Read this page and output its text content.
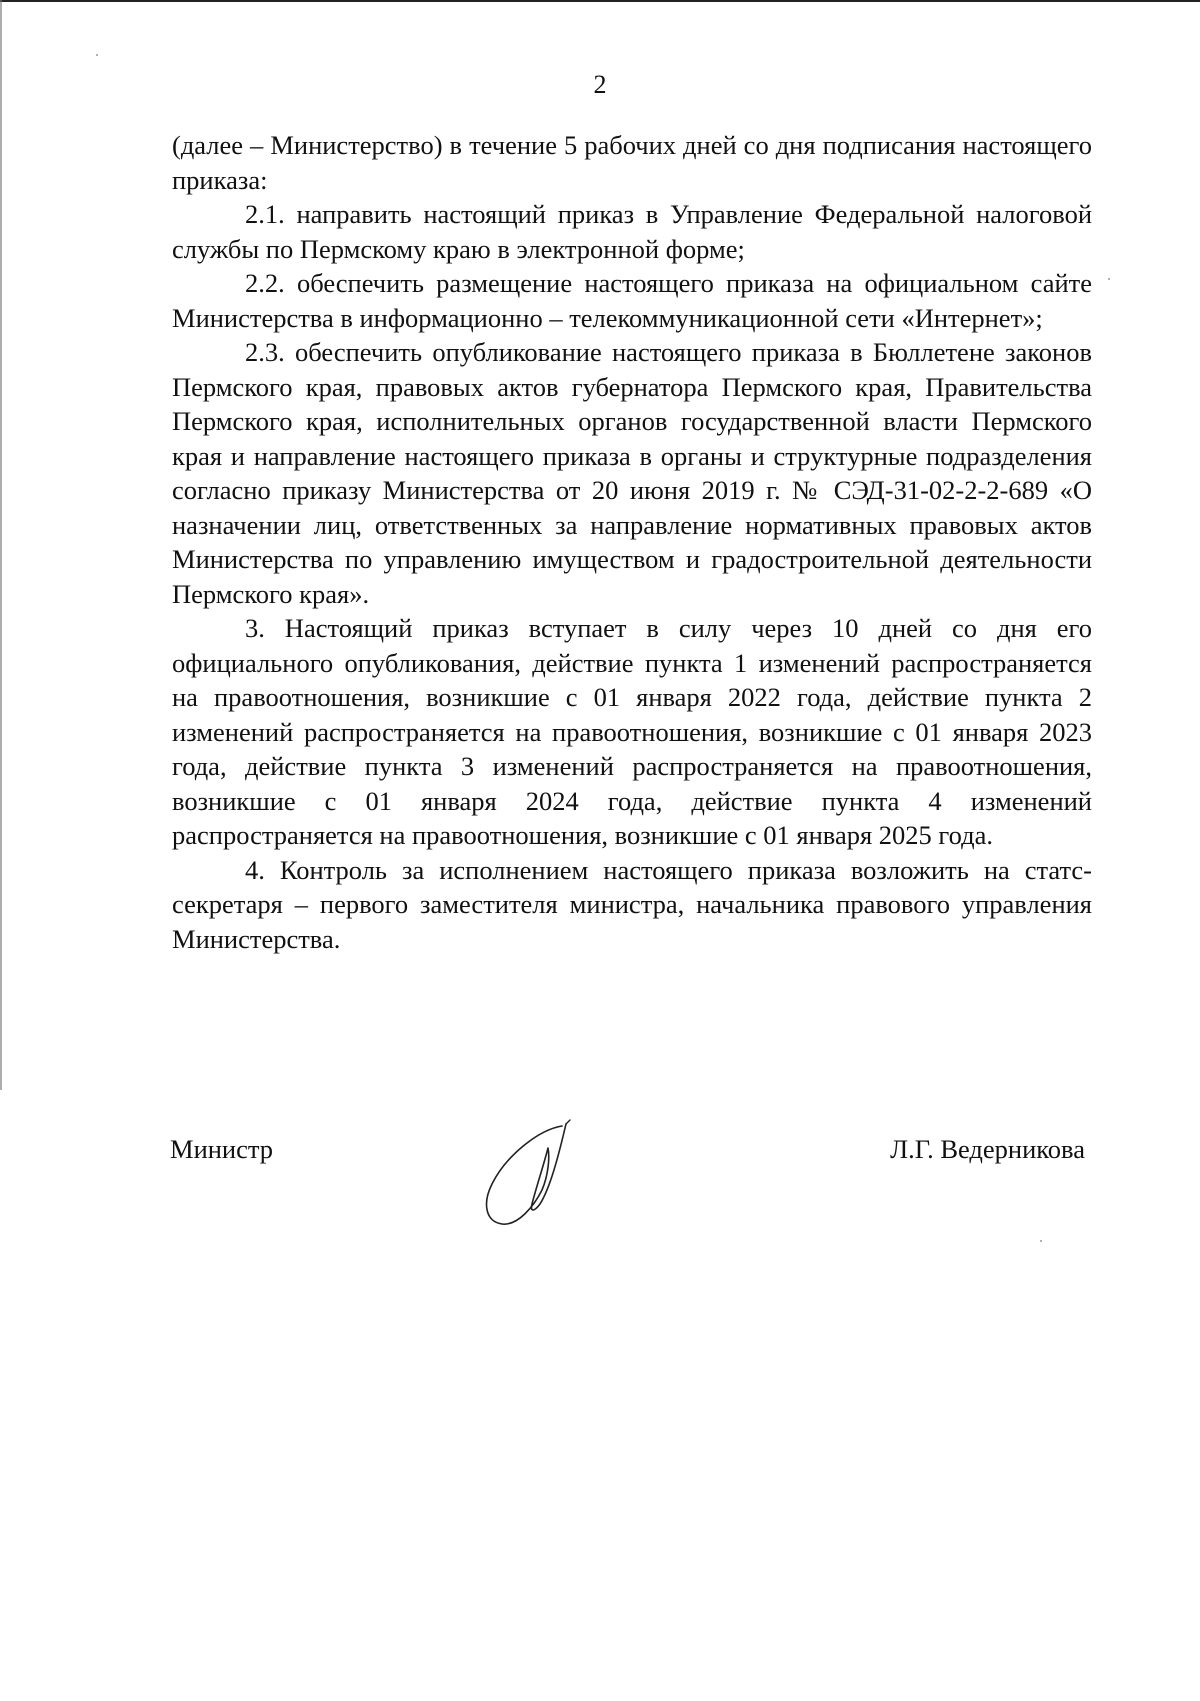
2

(далее – Министерство) в течение 5 рабочих дней со дня подписания настоящего приказа:

2.1. направить настоящий приказ в Управление Федеральной налоговой службы по Пермскому краю в электронной форме;

2.2. обеспечить размещение настоящего приказа на официальном сайте Министерства в информационно – телекоммуникационной сети «Интернет»;

2.3. обеспечить опубликование настоящего приказа в Бюллетене законов Пермского края, правовых актов губернатора Пермского края, Правительства Пермского края, исполнительных органов государственной власти Пермского края и направление настоящего приказа в органы и структурные подразделения согласно приказу Министерства от 20 июня 2019 г. № СЭД-31-02-2-2-689 «О назначении лиц, ответственных за направление нормативных правовых актов Министерства по управлению имуществом и градостроительной деятельности Пермского края».

3. Настоящий приказ вступает в силу через 10 дней со дня его официального опубликования, действие пункта 1 изменений распространяется на правоотношения, возникшие с 01 января 2022 года, действие пункта 2 изменений распространяется на правоотношения, возникшие с 01 января 2023 года, действие пункта 3 изменений распространяется на правоотношения, возникшие с 01 января 2024 года, действие пункта 4 изменений распространяется на правоотношения, возникшие с 01 января 2025 года.

4. Контроль за исполнением настоящего приказа возложить на статс-секретаря – первого заместителя министра, начальника правового управления Министерства.

Министр	Л.Г. Ведерникова
